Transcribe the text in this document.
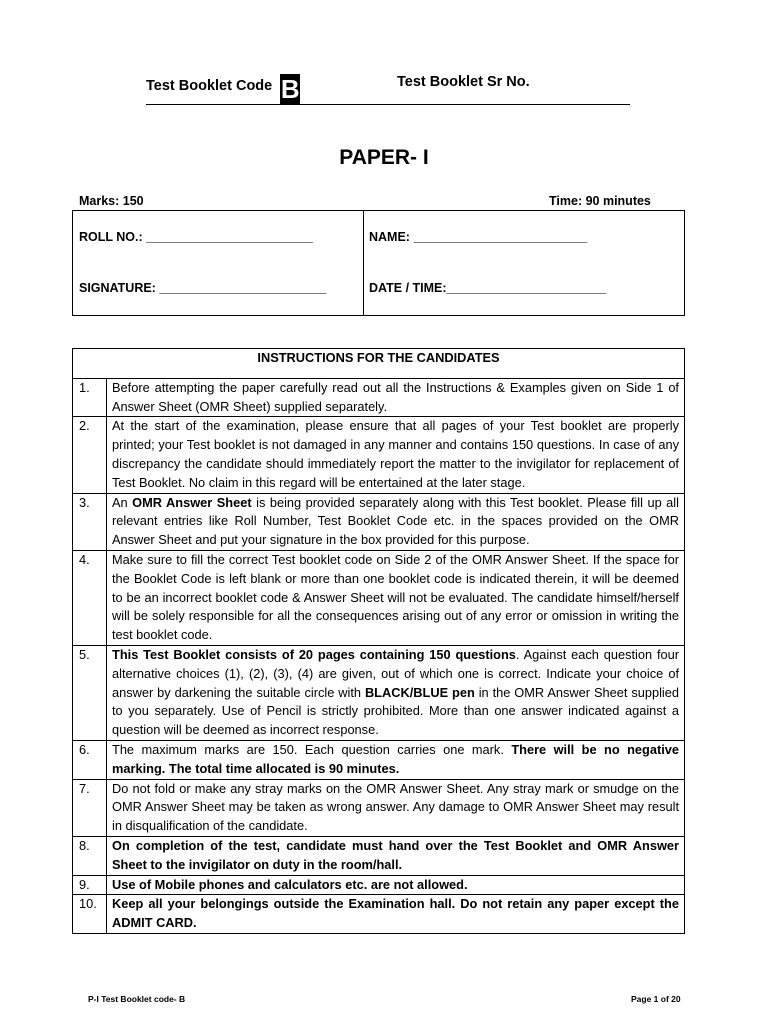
Test Booklet Code B	Test Booklet Sr No.
PAPER- I
Marks: 150	Time: 90 minutes
ROLL NO.: ________________________	NAME: _________________________
SIGNATURE: ________________________	DATE / TIME:_______________________
INSTRUCTIONS FOR THE CANDIDATES	
1.	Before attempting the paper carefully read out all the Instructions & Examples given on Side 1 of Answer Sheet (OMR Sheet) supplied separately.
2.	At the start of the examination, please ensure that all pages of your Test booklet are properly printed; your Test booklet is not damaged in any manner and contains 150 questions. In case of any discrepancy the candidate should immediately report the matter to the invigilator for replacement of Test Booklet. No claim in this regard will be entertained at the later stage.
3.	An OMR Answer Sheet is being provided separately along with this Test booklet. Please fill up all relevant entries like Roll Number, Test Booklet Code etc. in the spaces provided on the OMR Answer Sheet and put your signature in the box provided for this purpose.
4.	Make sure to fill the correct Test booklet code on Side 2 of the OMR Answer Sheet. If the space for the Booklet Code is left blank or more than one booklet code is indicated therein, it will be deemed to be an incorrect booklet code & Answer Sheet will not be evaluated. The candidate himself/herself will be solely responsible for all the consequences arising out of any error or omission in writing the test booklet code.
5.	This Test Booklet consists of 20 pages containing 150 questions. Against each question four alternative choices (1), (2), (3), (4) are given, out of which one is correct. Indicate your choice of answer by darkening the suitable circle with BLACK/BLUE pen in the OMR Answer Sheet supplied to you separately. Use of Pencil is strictly prohibited. More than one answer indicated against a question will be deemed as incorrect response.
6.	The maximum marks are 150. Each question carries one mark. There will be no negative marking. The total time allocated is 90 minutes.
7.	Do not fold or make any stray marks on the OMR Answer Sheet. Any stray mark or smudge on the OMR Answer Sheet may be taken as wrong answer. Any damage to OMR Answer Sheet may result in disqualification of the candidate.
8.	On completion of the test, candidate must hand over the Test Booklet and OMR Answer Sheet to the invigilator on duty in the room/hall.
9.	Use of Mobile phones and calculators etc. are not allowed.
10.	Keep all your belongings outside the Examination hall. Do not retain any paper except the ADMIT CARD.
P-I Test Booklet code- B	Page 1 of 20
